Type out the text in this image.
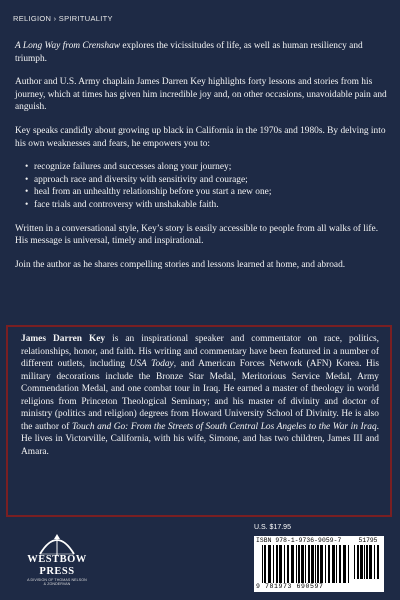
RELIGION › SPIRITUALITY

A Long Way from Crenshaw explores the vicissitudes of life, as well as human resiliency and triumph.

Author and U.S. Army chaplain James Darren Key highlights forty lessons and stories from his journey, which at times has given him incredible joy and, on other occasions, unavoidable pain and anguish.

Key speaks candidly about growing up black in California in the 1970s and 1980s. By delving into his own weaknesses and fears, he empowers you to:

• recognize failures and successes along your journey;
• approach race and diversity with sensitivity and courage;
• heal from an unhealthy relationship before you start a new one;
• face trials and controversy with unshakable faith.

Written in a conversational style, Key’s story is easily accessible to people from all walks of life. His message is universal, timely and inspirational.

Join the author as he shares compelling stories and lessons learned at home, and abroad.

James Darren Key is an inspirational speaker and commentator on race, politics, relationships, honor, and faith. His writing and commentary have been featured in a number of different outlets, including USA Today, and American Forces Network (AFN) Korea. His military decorations include the Bronze Star Medal, Meritorious Service Medal, Army Commendation Medal, and one combat tour in Iraq. He earned a master of theology in world religions from Princeton Theological Seminary; and his master of divinity and doctor of ministry (politics and religion) degrees from Howard University School of Divinity. He is also the author of Touch and Go: From the Streets of South Central Los Angeles to the War in Iraq. He lives in Victorville, California, with his wife, Simone, and has two children, James III and Amara.

WESTBOW
PRESS
A DIVISION OF THOMAS NELSON
& ZONDERVAN
U.S. $17.95
ISBN 978-1-9736-9059-7	51795
9 781973 690597
